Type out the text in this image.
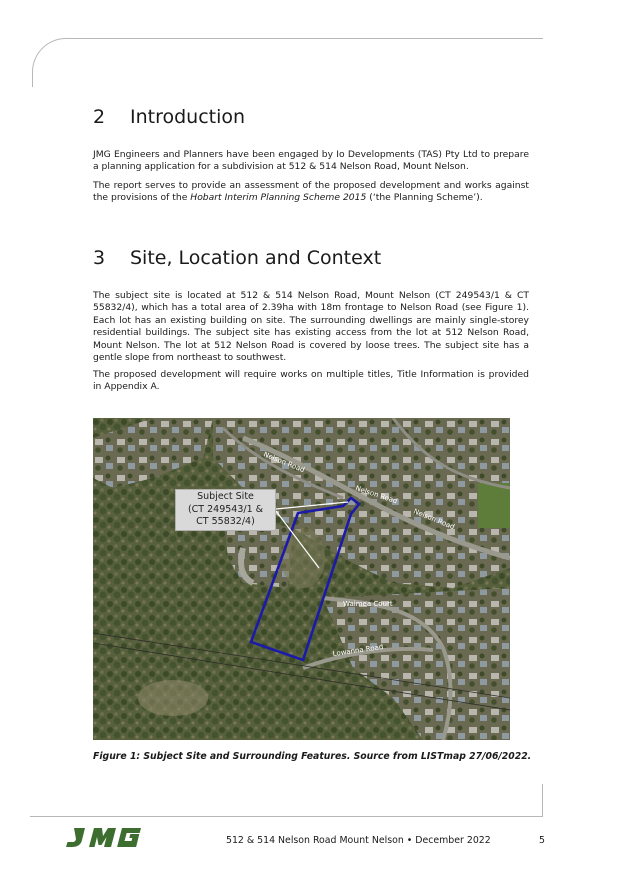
2 Introduction

JMG Engineers and Planners have been engaged by Io Developments (TAS) Pty Ltd to prepare a planning application for a subdivision at 512 & 514 Nelson Road, Mount Nelson.

The report serves to provide an assessment of the proposed development and works against the provisions of the Hobart Interim Planning Scheme 2015 (‘the Planning Scheme’).

3 Site, Location and Context

The subject site is located at 512 & 514 Nelson Road, Mount Nelson (CT 249543/1 & CT 55832/4), which has a total area of 2.39ha with 18m frontage to Nelson Road (see Figure 1). Each lot has an existing building on site. The surrounding dwellings are mainly single-storey residential buildings. The subject site has existing access from the lot at 512 Nelson Road, Mount Nelson. The lot at 512 Nelson Road is covered by loose trees. The subject site has a gentle slope from northeast to southwest.

The proposed development will require works on multiple titles, Title Information is provided in Appendix A.

Nelson Road
Nelson Road
Waimea Court
Lowanna Road
Nelson Road
Subject Site
(CT 249543/1 &
CT 55832/4)

Figure 1: Subject Site and Surrounding Features. Source from LISTmap 27/06/2022.

512 & 514 Nelson Road Mount Nelson • December 2022	5
